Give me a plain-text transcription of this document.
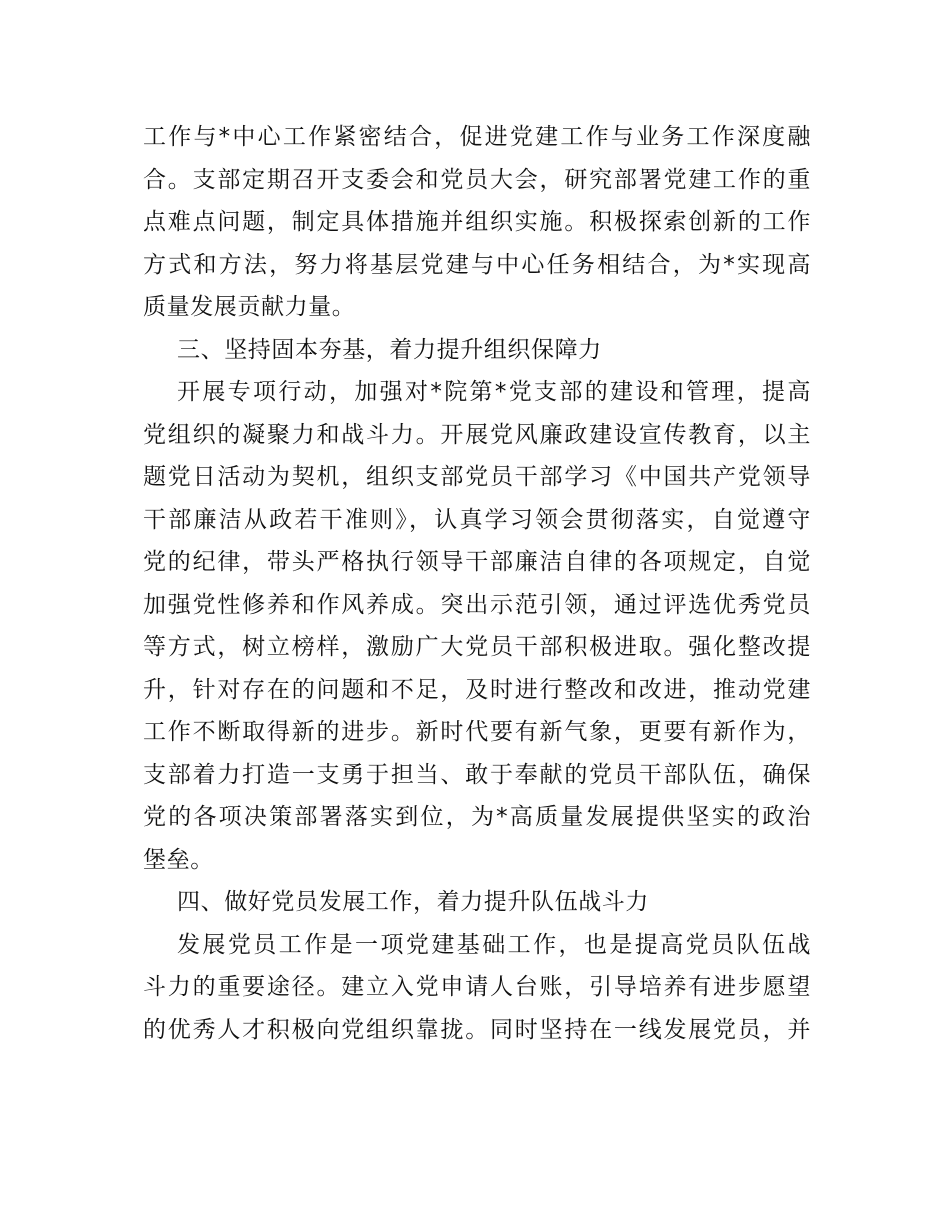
工作与*中心工作紧密结合，促进党建工作与业务工作深度融
合。支部定期召开支委会和党员大会，研究部署党建工作的重
点难点问题，制定具体措施并组织实施。积极探索创新的工作
方式和方法，努力将基层党建与中心任务相结合，为*实现高
质量发展贡献力量。
三、坚持固本夯基，着力提升组织保障力
开展专项行动，加强对*院第*党支部的建设和管理，提高
党组织的凝聚力和战斗力。开展党风廉政建设宣传教育，以主
题党日活动为契机，组织支部党员干部学习《中国共产党领导
干部廉洁从政若干准则》，认真学习领会贯彻落实，自觉遵守
党的纪律，带头严格执行领导干部廉洁自律的各项规定，自觉
加强党性修养和作风养成。突出示范引领，通过评选优秀党员
等方式，树立榜样，激励广大党员干部积极进取。强化整改提
升，针对存在的问题和不足，及时进行整改和改进，推动党建
工作不断取得新的进步。新时代要有新气象，更要有新作为，
支部着力打造一支勇于担当、敢于奉献的党员干部队伍，确保
党的各项决策部署落实到位，为*高质量发展提供坚实的政治
堡垒。
四、做好党员发展工作，着力提升队伍战斗力
发展党员工作是一项党建基础工作，也是提高党员队伍战
斗力的重要途径。建立入党申请人台账，引导培养有进步愿望
的优秀人才积极向党组织靠拢。同时坚持在一线发展党员，并
